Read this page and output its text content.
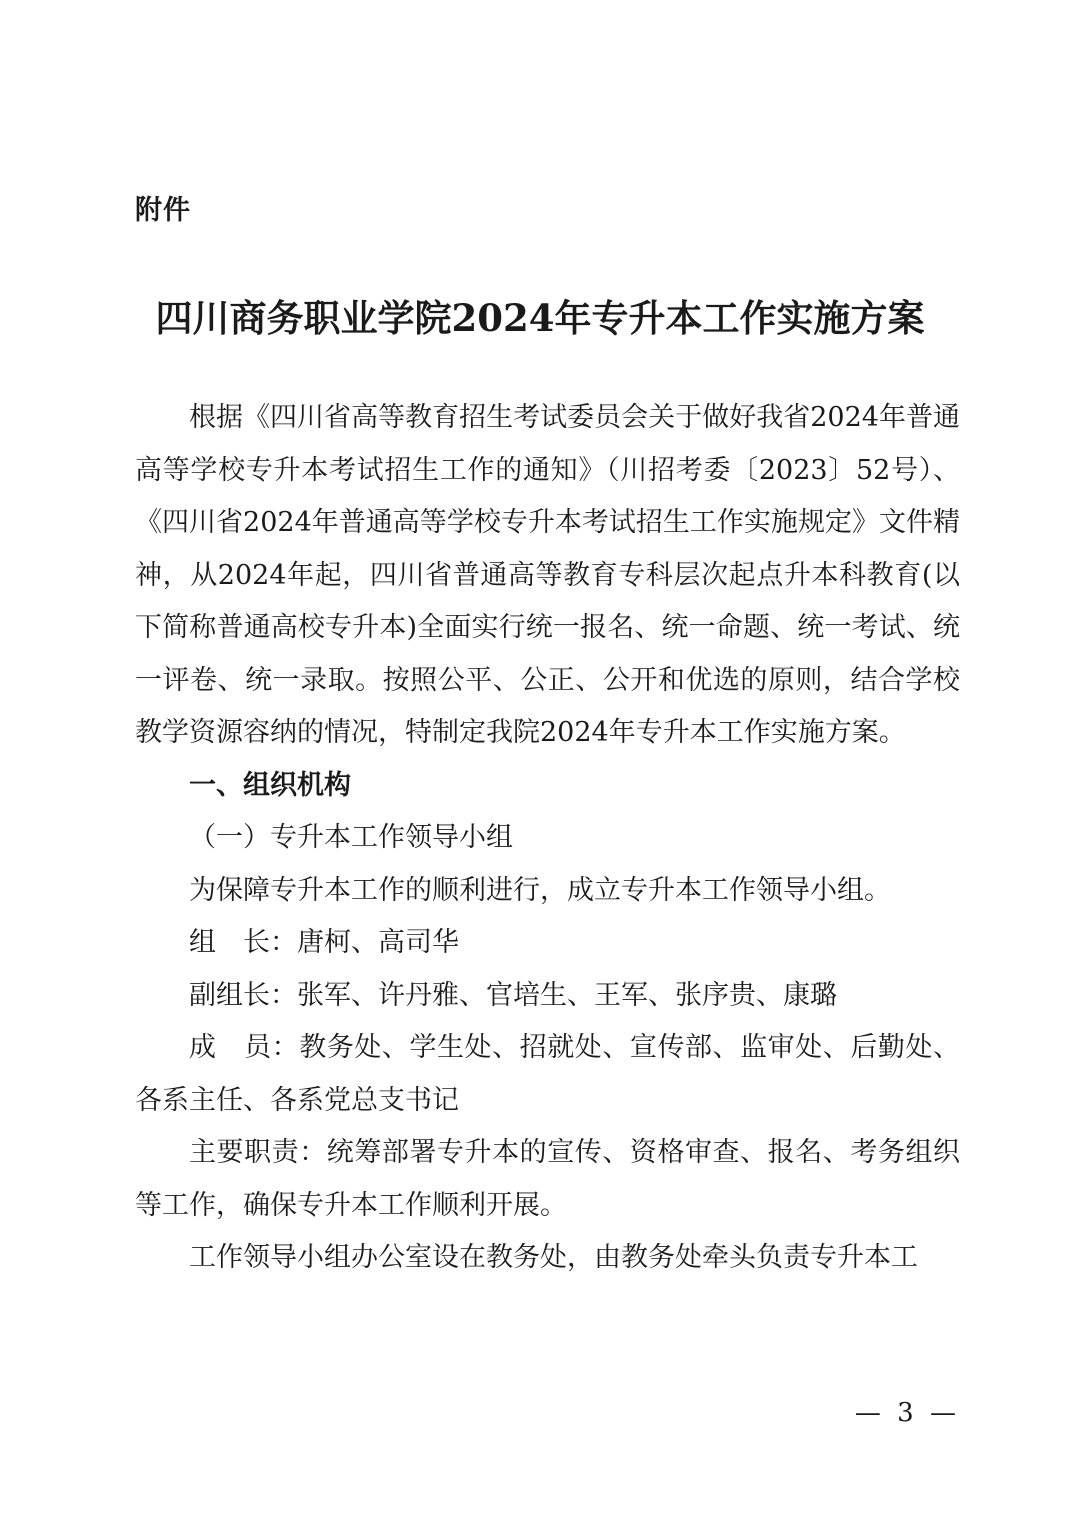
附件
四川商务职业学院2024年专升本工作实施方案

根据《四川省高等教育招生考试委员会关于做好我省2024年普通高等学校专升本考试招生工作的通知》（川招考委〔2023〕52号）、《四川省2024年普通高等学校专升本考试招生工作实施规定》文件精神，从2024年起，四川省普通高等教育专科层次起点升本科教育(以下简称普通高校专升本)全面实行统一报名、统一命题、统一考试、统一评卷、统一录取。按照公平、公正、公开和优选的原则，结合学校教学资源容纳的情况，特制定我院2024年专升本工作实施方案。

一、组织机构

（一）专升本工作领导小组

为保障专升本工作的顺利进行，成立专升本工作领导小组。

组　长：唐柯、高司华

副组长：张军、许丹雅、官培生、王军、张序贵、康璐

成　员：教务处、学生处、招就处、宣传部、监审处、后勤处、各系主任、各系党总支书记

主要职责：统筹部署专升本的宣传、资格审查、报名、考务组织等工作，确保专升本工作顺利开展。

工作领导小组办公室设在教务处，由教务处牵头负责专升本工

— 3 —
